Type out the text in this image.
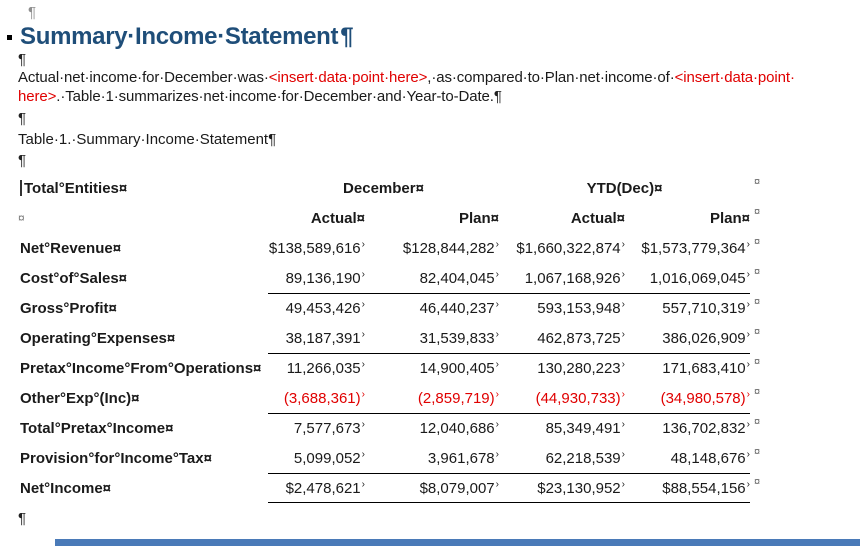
¶
Summary·Income·Statement¶
¶
Actual·net·income·for·December·was·<insert·data·point·here>,·as·compared·to·Plan·net·income·of·<insert·data·point·
here>.·Table·1·summarizes·net·income·for·December·and·Year-to-Date.¶
¶
Table·1.·Summary·Income·Statement¶
¶
Total°Entities¤	December¤	YTD(Dec)¤	¤
¤	Actual¤	Plan¤	Actual¤	Plan¤ ¤
Net°Revenue¤	$138,589,616 ›	$128,844,282 › $1,660,322,874 › $1,573,779,364 › ¤
Cost°of°Sales¤	89,136,190 ›	82,404,045 › 1,067,168,926 › 1,016,069,045 › ¤
Gross°Profit¤	49,453,426 ›	46,440,237 ›	593,153,948 › 557,710,319 › ¤
Operating°Expenses¤	38,187,391 ›	31,539,833 ›	462,873,725 › 386,026,909 › ¤
Pretax°Income°From°Operations¤	11,266,035 ›	14,900,405 ›	130,280,223 › 171,683,410 › ¤
Other°Exp°(Inc)¤	(3,688,361) ›	(2,859,719) › (44,930,733) › (34,980,578) › ¤
Total°Pretax°Income¤	7,577,673 ›	12,040,686 ›	85,349,491 › 136,702,832 › ¤
Provision°for°Income°Tax¤	5,099,052 ›	3,961,678 ›	62,218,539 ›	48,148,676 › ¤
Net°Income¤	$2,478,621 ›	$8,079,007 ›	$23,130,952 › $88,554,156 › ¤
¶
